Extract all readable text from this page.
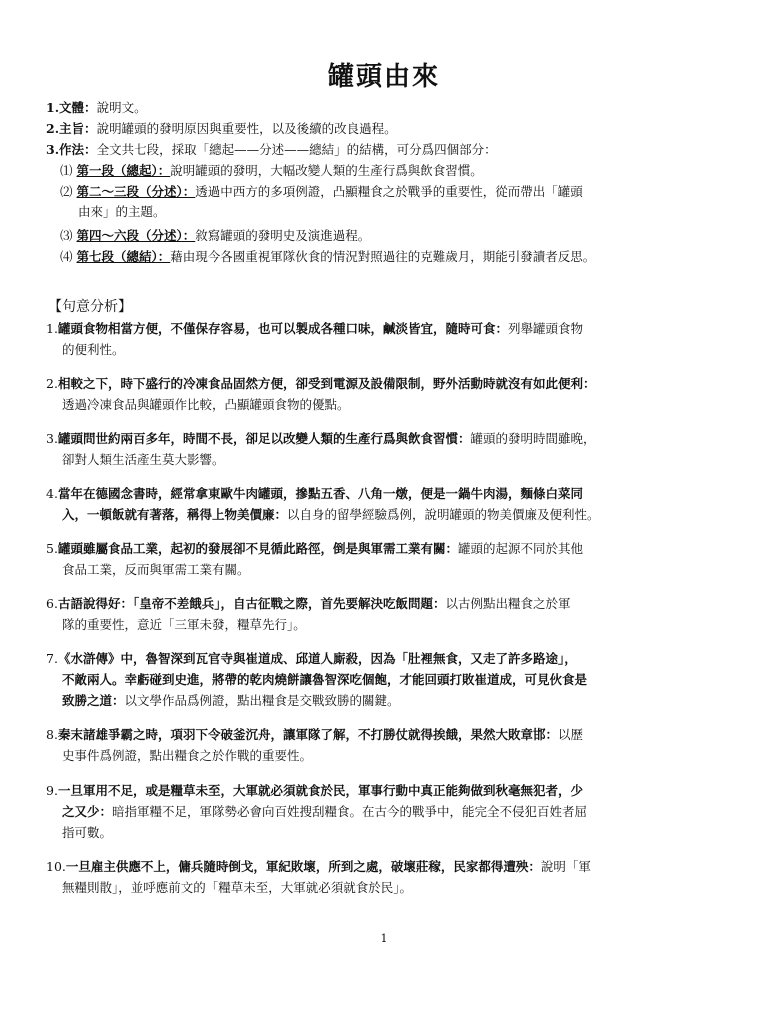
罐頭由來
1.文體：說明文。
2.主旨：說明罐頭的發明原因與重要性，以及後續的改良過程。
3.作法：全文共七段，採取「總起——分述——總結」的結構，可分爲四個部分：
⑴ 第一段（總起）：說明罐頭的發明，大幅改變人類的生產行爲與飲食習慣。
⑵ 第二～三段（分述）：透過中西方的多項例證，凸顯糧食之於戰爭的重要性，從而帶出「罐頭
由來」的主題。
⑶ 第四～六段（分述）：敘寫罐頭的發明史及演進過程。
⑷ 第七段（總結）：藉由現今各國重視軍隊伙食的情況對照過往的克難歲月，期能引發讀者反思。
【句意分析】
1.罐頭食物相當方便，不僅保存容易，也可以製成各種口味，鹹淡皆宜，隨時可食：列舉罐頭食物
的便利性。
2.相較之下，時下盛行的冷凍食品固然方便，卻受到電源及設備限制，野外活動時就沒有如此便利：
透過冷凍食品與罐頭作比較，凸顯罐頭食物的優點。
3.罐頭問世約兩百多年，時間不長，卻足以改變人類的生產行爲與飲食習慣：罐頭的發明時間雖晚，
卻對人類生活產生莫大影響。
4.當年在德國念書時，經常拿東歐牛肉罐頭，摻點五香、八角一燉，便是一鍋牛肉湯，麵條白菜同
入，一頓飯就有著落，稱得上物美價廉：以自身的留學經驗爲例，說明罐頭的物美價廉及便利性。
5.罐頭雖屬食品工業，起初的發展卻不見循此路徑，倒是與軍需工業有關：罐頭的起源不同於其他
食品工業，反而與軍需工業有關。
6.古語說得好：「皇帝不差餓兵」，自古征戰之際，首先要解決吃飯問題：以古例點出糧食之於軍
隊的重要性，意近「三軍未發，糧草先行」。
7.《水滸傳》中，魯智深到瓦官寺與崔道成、邱道人廝殺，因為「肚裡無食，又走了許多路途」，
不敵兩人。幸虧碰到史進，將帶的乾肉燒餅讓魯智深吃個飽，才能回頭打敗崔道成，可見伙食是
致勝之道：以文學作品爲例證，點出糧食是交戰致勝的關鍵。
8.秦末諸雄爭霸之時，項羽下令破釜沉舟，讓軍隊了解，不打勝仗就得挨餓，果然大敗章邯：以歷
史事件爲例證，點出糧食之於作戰的重要性。
9.一旦軍用不足，或是糧草未至，大軍就必須就食於民，軍事行動中真正能夠做到秋毫無犯者，少
之又少：暗指軍糧不足，軍隊勢必會向百姓搜刮糧食。在古今的戰爭中，能完全不侵犯百姓者屈
指可數。
10.一旦雇主供應不上，傭兵隨時倒戈，軍紀敗壞，所到之處，破壞莊稼，民家都得遭殃：說明「軍
無糧則散」，並呼應前文的「糧草未至，大軍就必須就食於民」。
1
